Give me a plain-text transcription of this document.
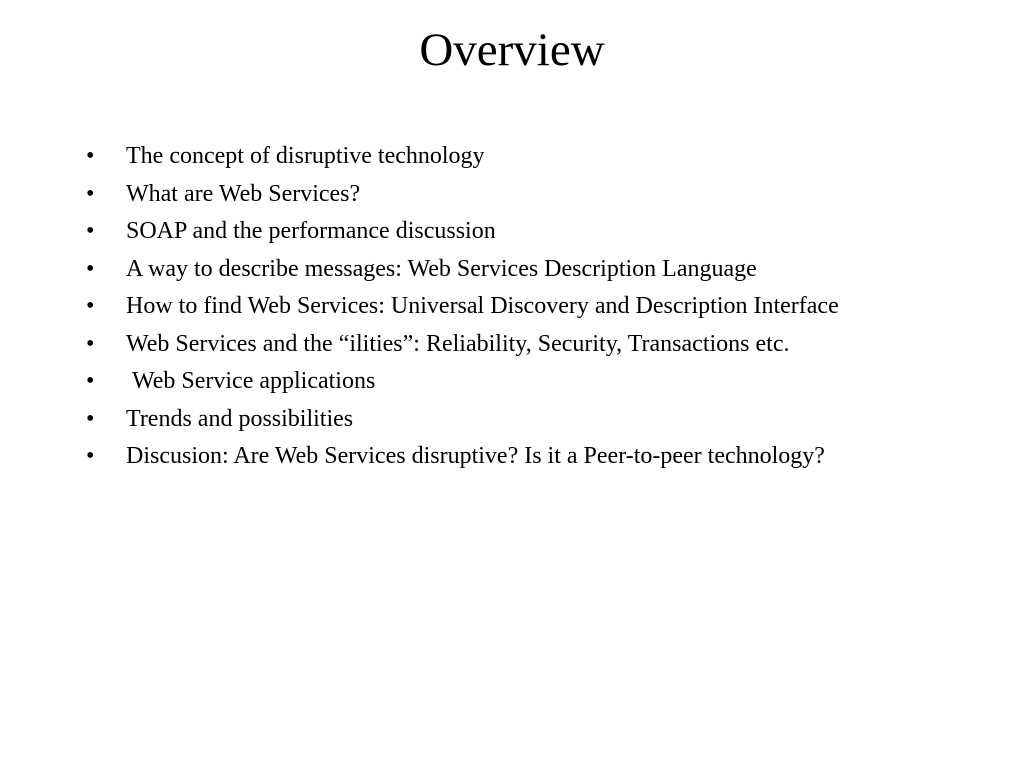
Overview
•	The concept of disruptive technology
•	What are Web Services?
•	SOAP and the performance discussion
•	A way to describe messages: Web Services Description Language
•	How to find Web Services: Universal Discovery and Description Interface
•	Web Services and the “ilities”: Reliability, Security, Transactions etc.
•	Web Service applications
•	Trends and possibilities
•	Discusion: Are Web Services disruptive? Is it a Peer-to-peer technology?
